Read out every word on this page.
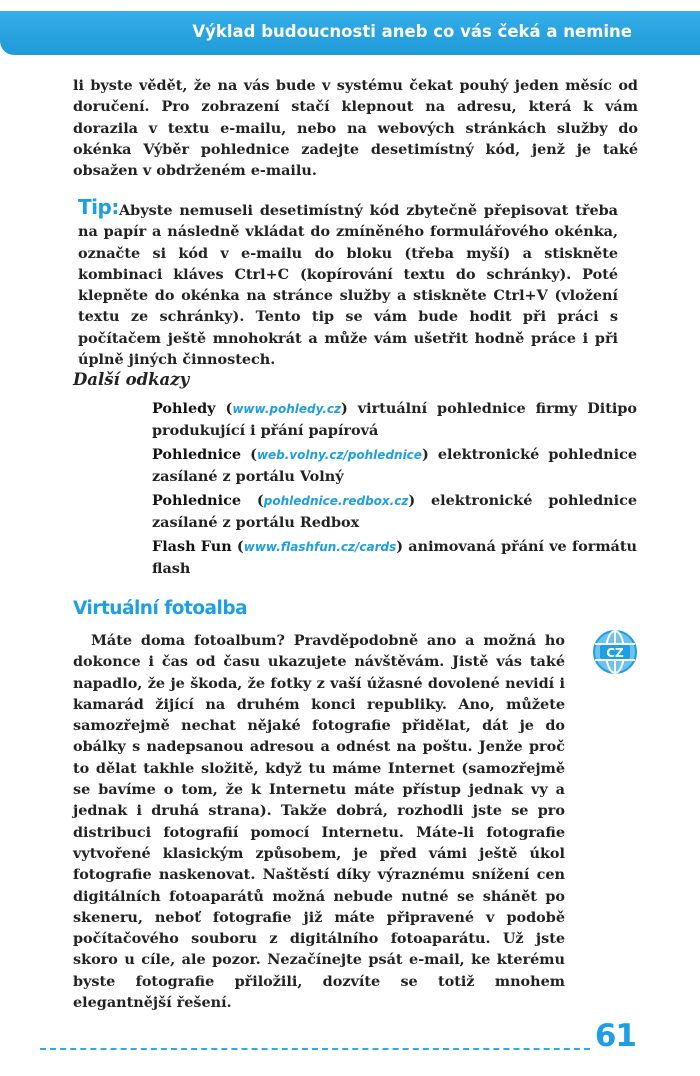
Výklad budoucnosti aneb co vás čeká a nemine

li byste vědět, že na vás bude v systému čekat pouhý jeden měsíc od doručení. Pro zobrazení stačí klepnout na adresu, která k vám dorazila v textu e-mailu, nebo na webových stránkách služby do okénka Výběr pohlednice zadejte desetimístný kód, jenž je také obsažen v obdrženém e-mailu.

Tip: Abyste nemuseli desetimístný kód zbytečně přepisovat třeba na papír a následně vkládat do zmíněného formulářového okénka, označte si kód v e-mailu do bloku (třeba myší) a stiskněte kombinaci kláves Ctrl+C (kopírování textu do schránky). Poté klepněte do okénka na stránce služby a stiskněte Ctrl+V (vložení textu ze schránky). Tento tip se vám bude hodit při práci s počítačem ještě mnohokrát a může vám ušetřit hodně práce i při úplně jiných činnostech.

Další odkazy

Pohledy (www.pohledy.cz) virtuální pohlednice firmy Ditipo produkující i přání papírová

Pohlednice (web.volny.cz/pohlednice) elektronické pohlednice zasílané z portálu Volný

Pohlednice (pohlednice.redbox.cz) elektronické pohlednice zasílané z portálu Redbox

Flash Fun (www.flashfun.cz/cards) animovaná přání ve formátu flash

Virtuální fotoalba
CZ

Máte doma fotoalbum? Pravděpodobně ano a možná ho dokonce i čas od času ukazujete návštěvám. Jistě vás také napadlo, že je škoda, že fotky z vaší úžasné dovolené nevidí i kamarád žijící na druhém konci republiky. Ano, můžete samozřejmě nechat nějaké fotografie přidělat, dát je do obálky s nadepsanou adresou a odnést na poštu. Jenže proč to dělat takhle složitě, když tu máme Internet (samozřejmě se bavíme o tom, že k Internetu máte přístup jednak vy a jednak i druhá strana). Takže dobrá, rozhodli jste se pro distribuci fotografií pomocí Internetu. Máte-li fotografie vytvořené klasickým způsobem, je před vámi ještě úkol fotografie naskenovat. Naštěstí díky výraznému snížení cen digitálních fotoaparátů možná nebude nutné se shánět po skeneru, neboť fotografie již máte připravené v podobě počítačového souboru z digitálního fotoaparátu. Už jste skoro u cíle, ale pozor. Nezačínejte psát e-mail, ke kterému byste fotografie přiložili, dozvíte se totiž mnohem elegantnější řešení.

61
